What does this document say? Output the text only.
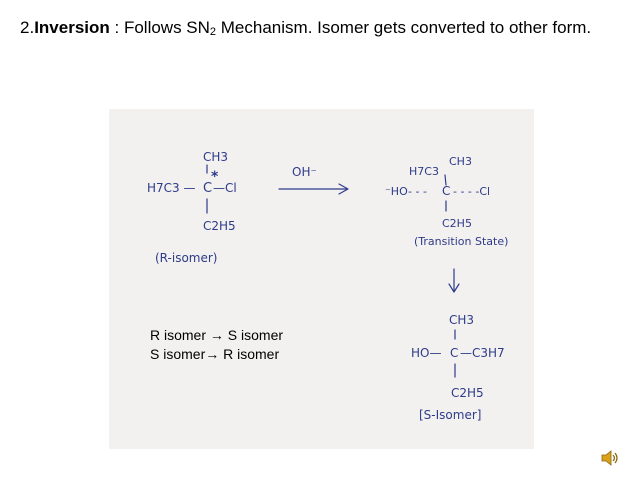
2.Inversion : Follows $SN_2$ Mechanism. Isomer gets converted to other form.
CH3
H7C3 — C
*
—Cl
C2H5
(R-isomer)
OH⁻	H7C3
CH3
⁻HO- - - C - - - -Cl
C2H5
(Transition State)
CH3
HO— C —C3H7
C2H5
[S-Isomer]
R isomer → S isomer
S isomer→ R isomer
